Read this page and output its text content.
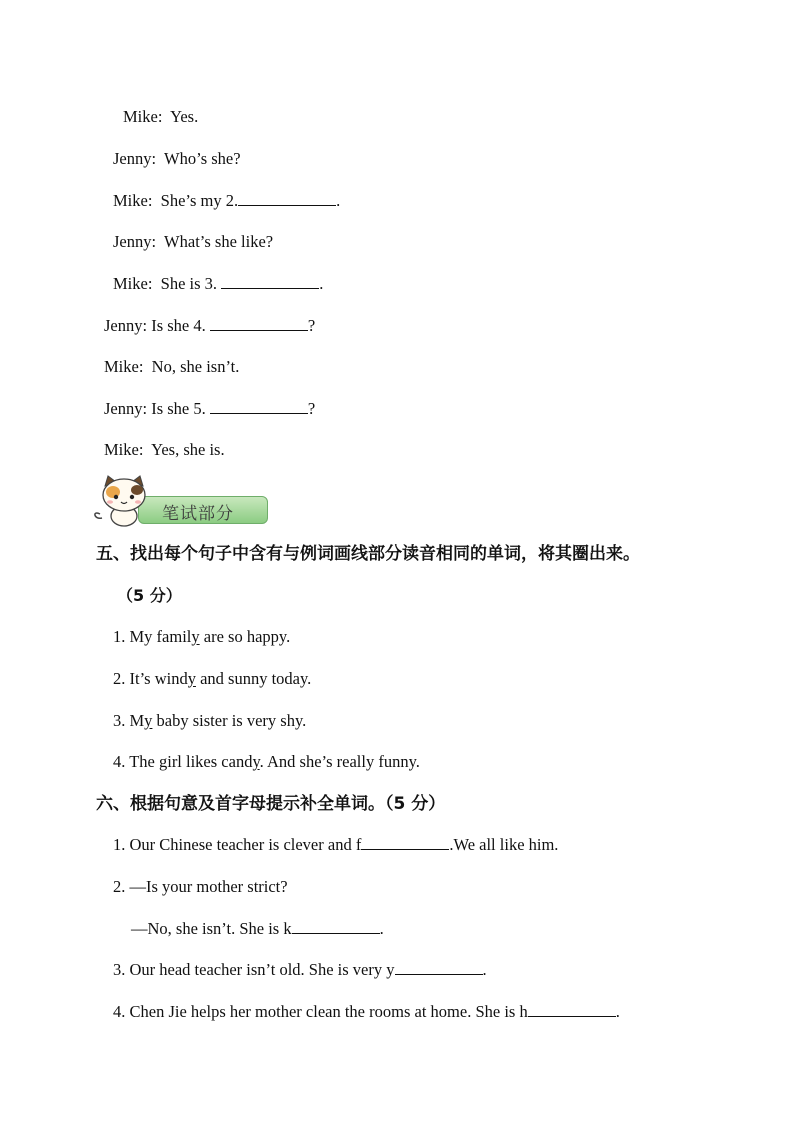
Mike: Yes.
Jenny: Who’s she?
Mike: She’s my 2.	.
Jenny: What’s she like?
Mike: She is 3.	.
Jenny: Is she 4.	?
Mike: No, she isn’t.
Jenny: Is she 5.	?
Mike: Yes, she is.
笔试部分
五、找出每个句子中含有与例词画线部分读音相同的单词，将其圈出来。
（5 分）
1. My family are so happy.
2. It’s windy and sunny today.
3. My baby sister is very shy.
4. The girl likes candy. And she’s really funny.
六、根据句意及首字母提示补全单词。（5 分）
1. Our Chinese teacher is clever and f	.We all like him.
2. —Is your mother strict?
—No, she isn’t. She is k	.
3. Our head teacher isn’t old. She is very y	.
4. Chen Jie helps her mother clean the rooms at home. She is h	.
